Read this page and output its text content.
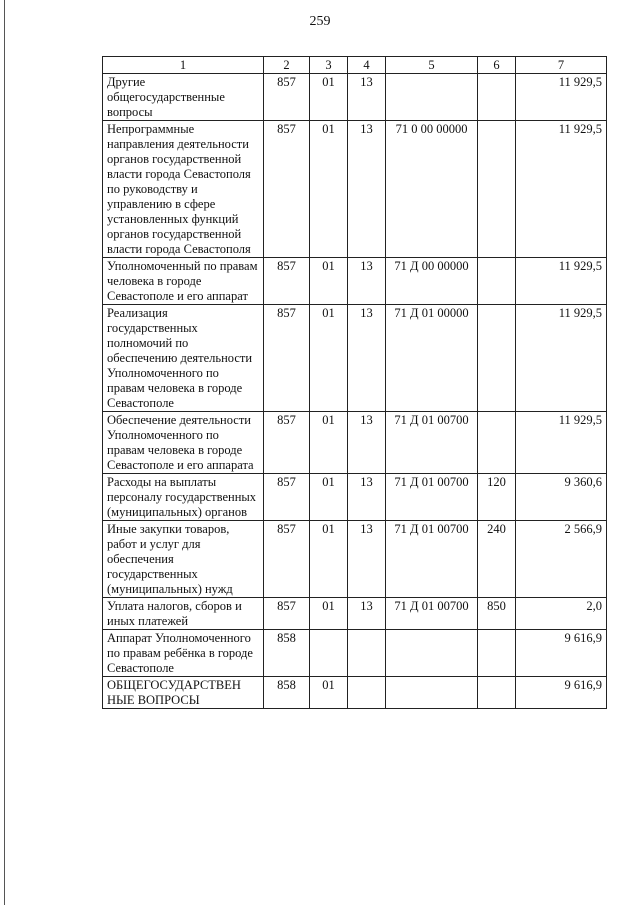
259
1	2	3	4	5	6	7
Другие общегосударственные вопросы	857	01	13			11 929,5
Непрограммные направления деятельности органов государственной власти города Севастополя по руководству и управлению в сфере установленных функций органов государственной власти города Севастополя	857	01	13	71 0 00 00000		11 929,5
Уполномоченный по правам человека в городе Севастополе и его аппарат	857	01	13	71 Д 00 00000		11 929,5
Реализация государственных полномочий по обеспечению деятельности Уполномоченного по правам человека в городе Севастополе	857	01	13	71 Д 01 00000		11 929,5
Обеспечение деятельности Уполномоченного по правам человека в городе Севастополе и его аппарата	857	01	13	71 Д 01 00700		11 929,5
Расходы на выплаты персоналу государственных (муниципальных) органов	857	01	13	71 Д 01 00700	120	9 360,6
Иные закупки товаров, работ и услуг для обеспечения государственных (муниципальных) нужд	857	01	13	71 Д 01 00700	240	2 566,9
Уплата налогов, сборов и иных платежей	857	01	13	71 Д 01 00700	850	2,0
Аппарат Уполномоченного по правам ребёнка в городе Севастополе	858					9 616,9
ОБЩЕГОСУДАРСТВЕН НЫЕ ВОПРОСЫ	858	01				9 616,9
